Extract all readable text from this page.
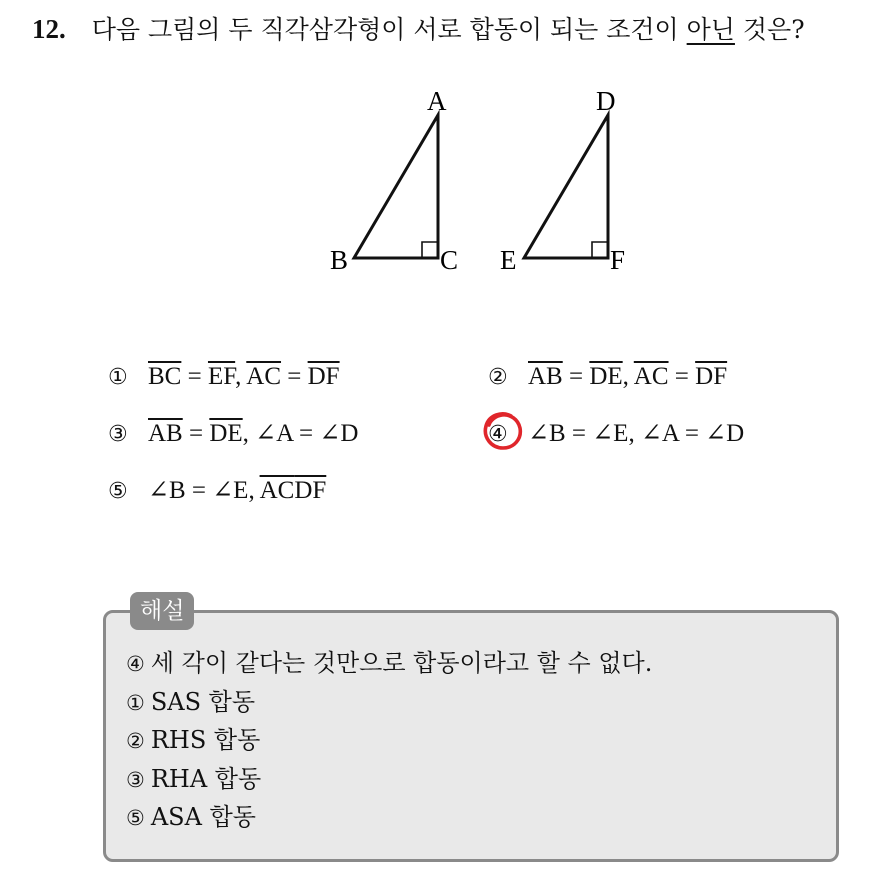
12. 다음 그림의 두 직각삼각형이 서로 합동이 되는 조건이 아닌 것은?
A
B	C
D
E	F
① $\overline{BC} = \overline{EF}$, $\overline{AC} = \overline{DF}$	② $\overline{AB} = \overline{DE}$, $\overline{AC} = \overline{DF}$
③ $\overline{AB} = \overline{DE}$, ∠A = ∠D	④ ∠B = ∠E, ∠A = ∠D
⑤ ∠B = ∠E, $\overline{AC}\overline{DF}$
해설
④ 세 각이 같다는 것만으로 합동이라고 할 수 없다.
① SAS 합동
② RHS 합동
③ RHA 합동
⑤ ASA 합동
